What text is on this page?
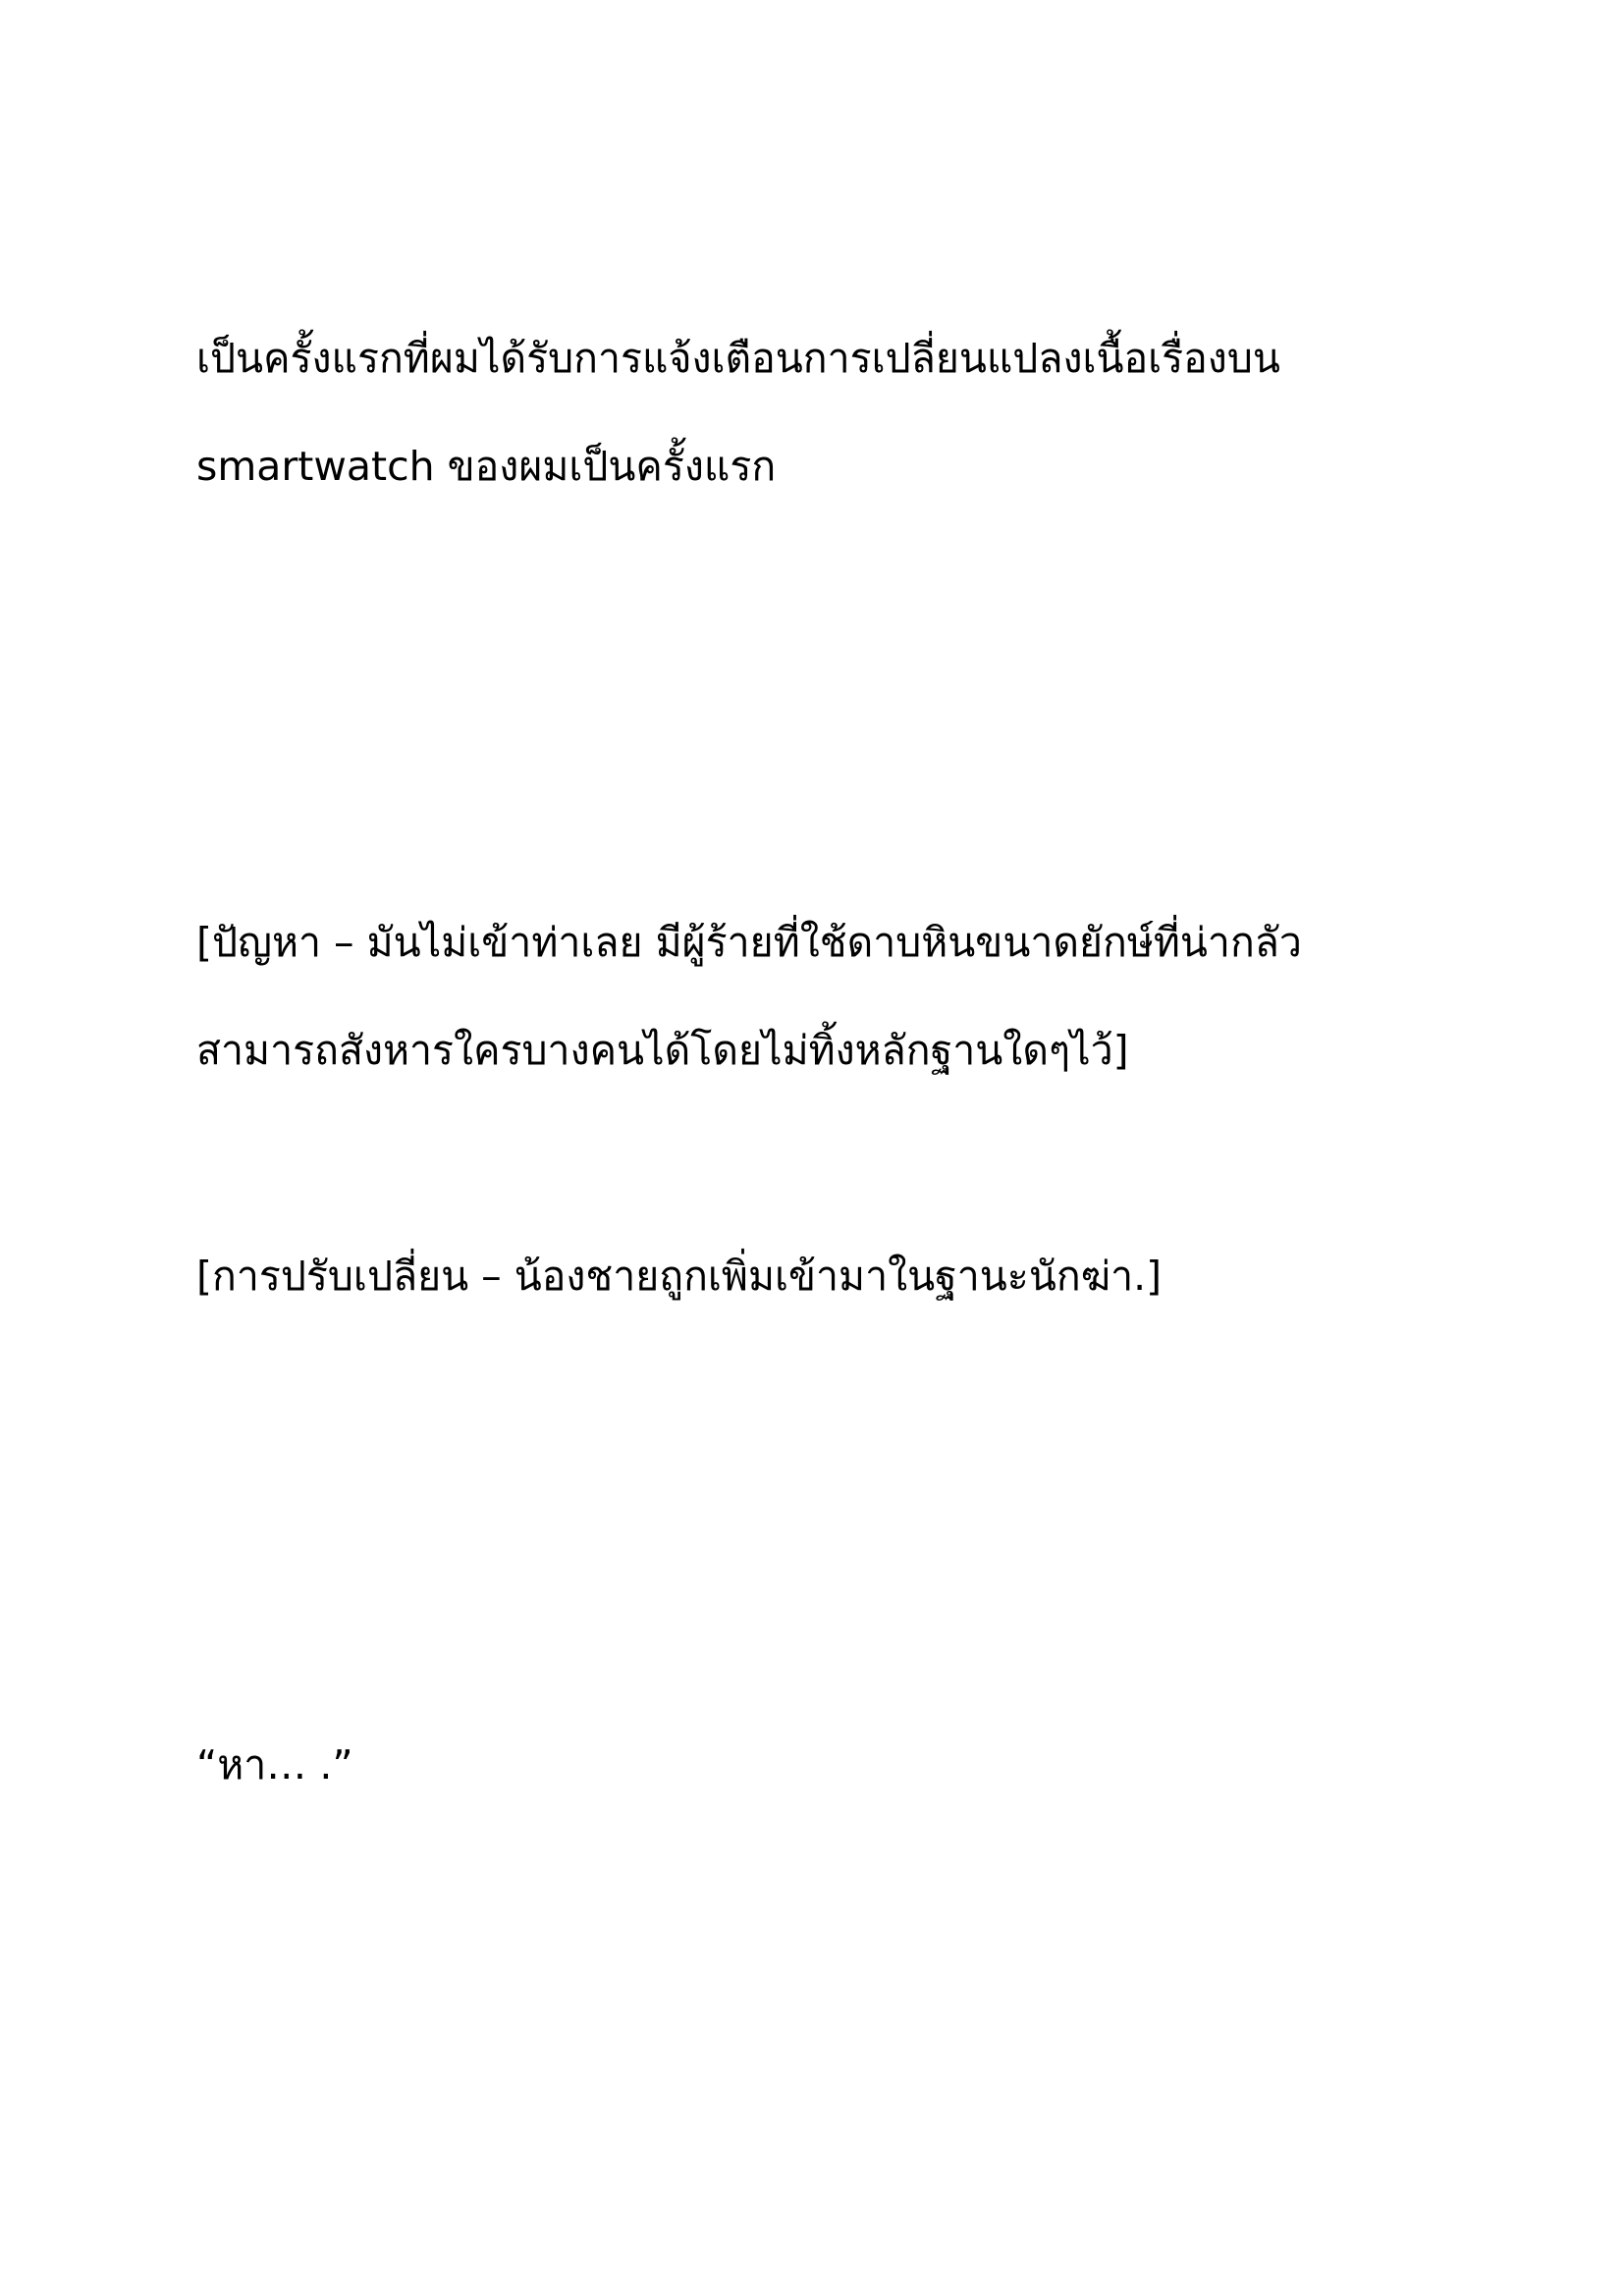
เป็นครั้งแรกที่ผมได้รับการแจ้งเตือนการเปลี่ยนแปลงเนื้อเรื่องบน
smartwatch ของผมเป็นครั้งแรก

[ปัญหา – มันไม่เข้าท่าเลย มีผู้ร้ายที่ใช้ดาบหินขนาดยักษ์ที่น่ากลัว
สามารถสังหารใครบางคนได้โดยไม่ทิ้งหลักฐานใดๆไว้]

[การปรับเปลี่ยน – น้องชายถูกเพิ่มเข้ามาในฐานะนักฆ่า.]

“หา… .”
